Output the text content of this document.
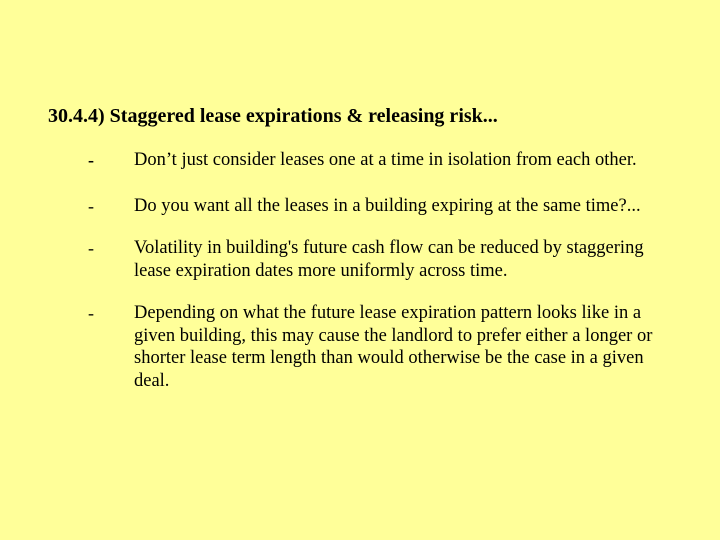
30.4.4) Staggered lease expirations & releasing risk...
- Don’t just consider leases one at a time in isolation from each other.
- Do you want all the leases in a building expiring at the same time?...
- Volatility in building's future cash flow can be reduced by staggering lease expiration dates more uniformly across time.
- Depending on what the future lease expiration pattern looks like in a given building, this may cause the landlord to prefer either a longer or shorter lease term length than would otherwise be the case in a given deal.
